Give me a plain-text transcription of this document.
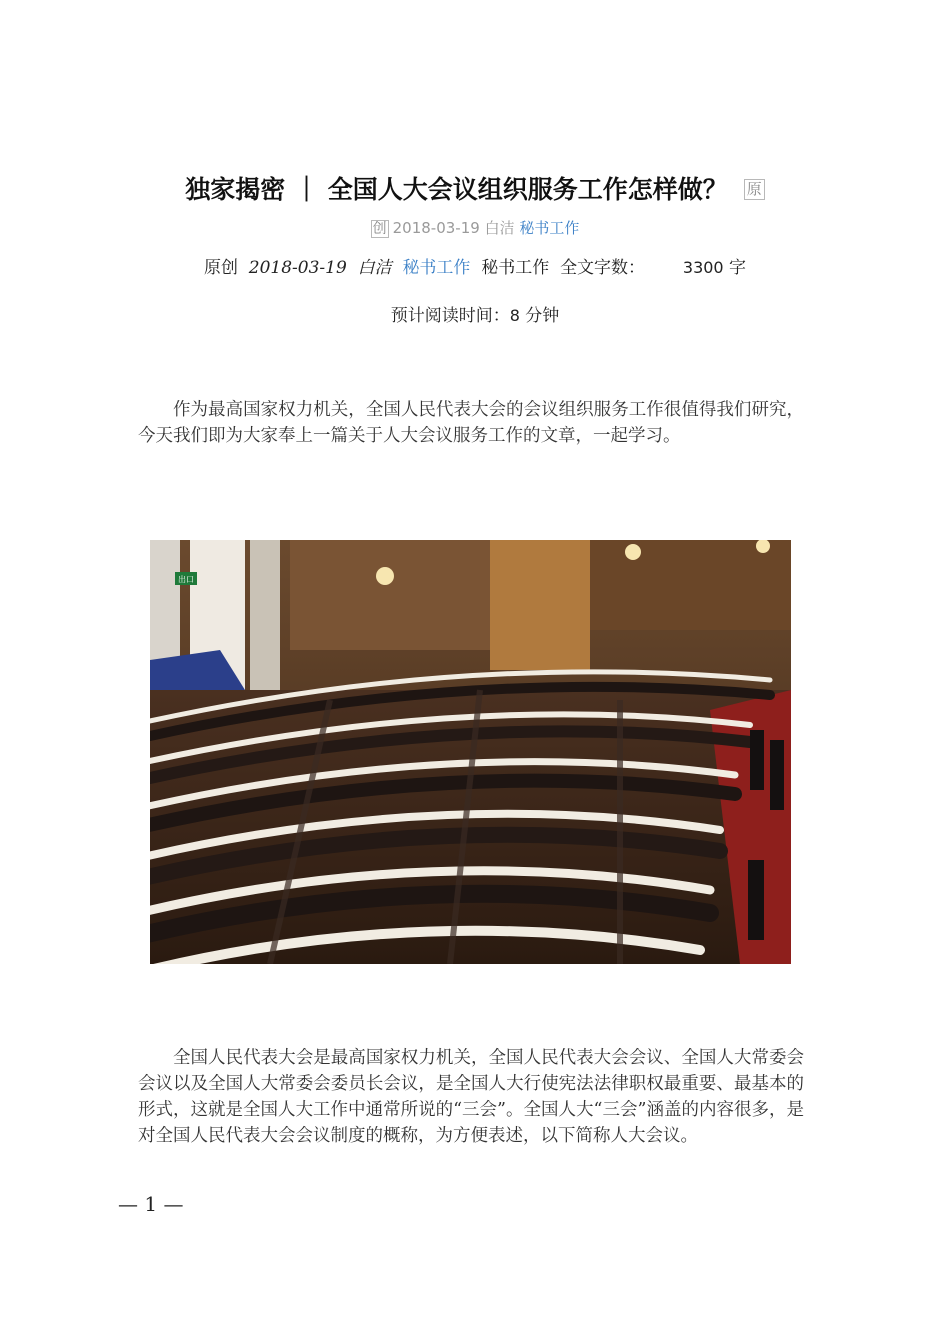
独家揭密 ｜ 全国人大会议组织服务工作怎样做？ 原
创 2018-03-19 白洁 秘书工作
原创 2018-03-19 白洁 秘书工作 秘书工作 全文字数： 3300 字
预计阅读时间：8 分钟

作为最高国家权力机关，全国人民代表大会的会议组织服务工作很值得我们研究，今天我们即为大家奉上一篇关于人大会议服务工作的文章，一起学习。

出口

全国人民代表大会是最高国家权力机关，全国人民代表大会会议、全国人大常委会会议以及全国人大常委会委员长会议，是全国人大行使宪法法律职权最重要、最基本的形式，这就是全国人大工作中通常所说的“三会”。全国人大“三会”涵盖的内容很多，是对全国人民代表大会会议制度的概称，为方便表述，以下简称人大会议。

— 1 —
